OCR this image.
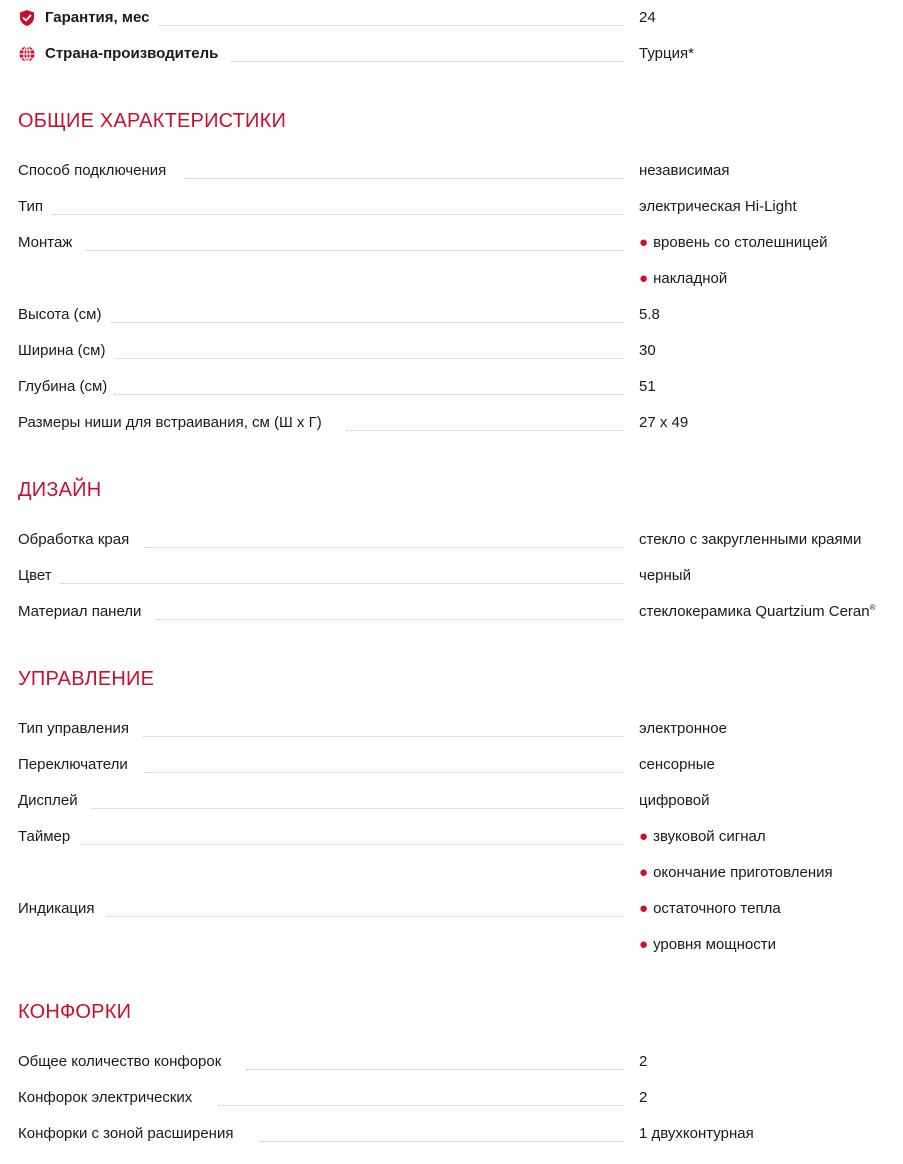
Гарантия, мес	24
Страна-производитель	Турция*
ОБЩИЕ ХАРАКТЕРИСТИКИ
Способ подключения	независимая
Тип	электрическая Hi-Light
Монтаж	● вровень со столешницей
● накладной
Высота (см)	5.8
Ширина (см)	30
Глубина (см)	51
Размеры ниши для встраивания, см (Ш х Г)	27 x 49
ДИЗАЙН
Обработка края	стекло с закругленными краями
Цвет	черный
Материал панели	стеклокерамика Quartzium Ceran®
УПРАВЛЕНИЕ
Тип управления	электронное
Переключатели	сенсорные
Дисплей	цифровой
Таймер	● звуковой сигнал
● окончание приготовления
Индикация	● остаточного тепла
● уровня мощности
КОНФОРКИ
Общее количество конфорок	2
Конфорок электрических	2
Конфорки с зоной расширения	1 двухконтурная
